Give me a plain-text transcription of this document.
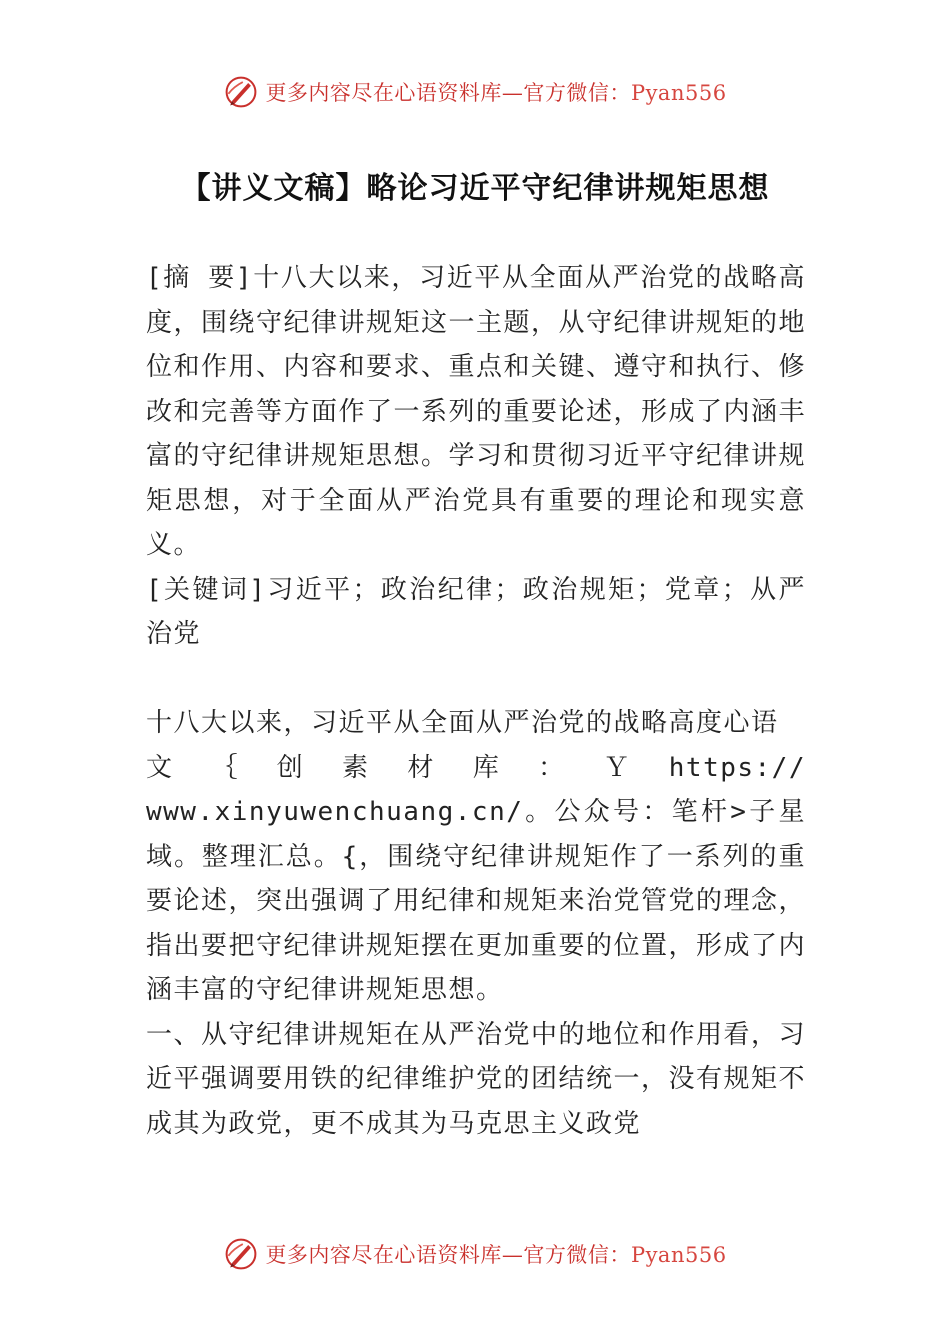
更多内容尽在心语资料库—官方微信：Pyan556
【讲义文稿】略论习近平守纪律讲规矩思想

[摘 要]十八大以来，习近平从全面从严治党的战略高度，围绕守纪律讲规矩这一主题，从守纪律讲规矩的地位和作用、内容和要求、重点和关键、遵守和执行、修改和完善等方面作了一系列的重要论述，形成了内涵丰富的守纪律讲规矩思想。学习和贯彻习近平守纪律讲规矩思想，对于全面从严治党具有重要的理论和现实意义。

[关键词]习近平；政治纪律；政治规矩；党章；从严治党

十八大以来，习近平从全面从严治党的战略高度心语

文 ｛ 创 素 材 库 ： Ｙ https://

www.xinyuwenchuang.cn/。公众号：笔杆>子星域。整理汇总。{，围绕守纪律讲规矩作了一系列的重要论述，突出强调了用纪律和规矩来治党管党的理念，指出要把守纪律讲规矩摆在更加重要的位置，形成了内涵丰富的守纪律讲规矩思想。

一、从守纪律讲规矩在从严治党中的地位和作用看，习近平强调要用铁的纪律维护党的团结统一，没有规矩不成其为政党，更不成其为马克思主义政党

更多内容尽在心语资料库—官方微信：Pyan556
